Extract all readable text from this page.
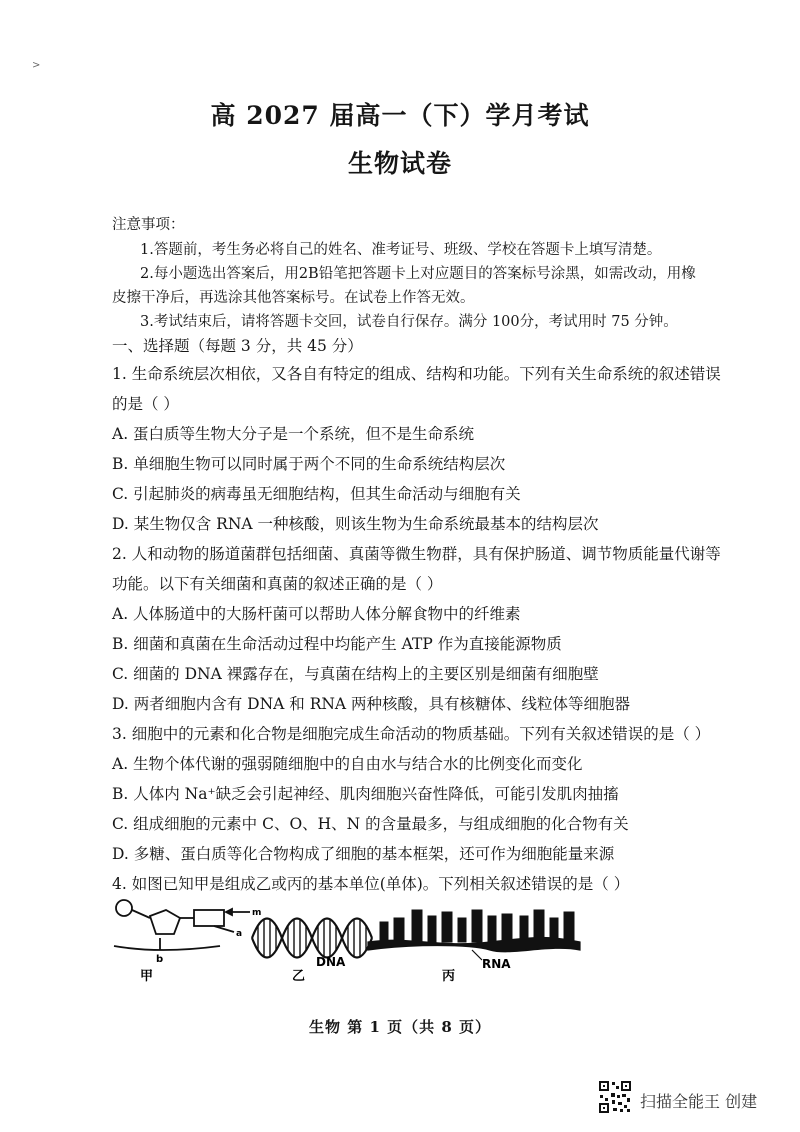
>
高 2027 届高一（下）学月考试
生物试卷
注意事项：
1.答题前，考生务必将自己的姓名、准考证号、班级、学校在答题卡上填写清楚。
2.每小题选出答案后，用2B铅笔把答题卡上对应题目的答案标号涂黑，如需改动，用橡
皮擦干净后，再选涂其他答案标号。在试卷上作答无效。
3.考试结束后，请将答题卡交回，试卷自行保存。满分 100分，考试用时 75 分钟。
一、选择题（每题 3 分，共 45 分）
1. 生命系统层次相依，又各自有特定的组成、结构和功能。下列有关生命系统的叙述错误
的是（ ）
A. 蛋白质等生物大分子是一个系统，但不是生命系统
B. 单细胞生物可以同时属于两个不同的生命系统结构层次
C. 引起肺炎的病毒虽无细胞结构，但其生命活动与细胞有关
D. 某生物仅含 RNA 一种核酸，则该生物为生命系统最基本的结构层次
2. 人和动物的肠道菌群包括细菌、真菌等微生物群，具有保护肠道、调节物质能量代谢等
功能。以下有关细菌和真菌的叙述正确的是（ ）
A. 人体肠道中的大肠杆菌可以帮助人体分解食物中的纤维素
B. 细菌和真菌在生命活动过程中均能产生 ATP 作为直接能源物质
C. 细菌的 DNA 裸露存在，与真菌在结构上的主要区别是细菌有细胞壁
D. 两者细胞内含有 DNA 和 RNA 两种核酸，具有核糖体、线粒体等细胞器
3. 细胞中的元素和化合物是细胞完成生命活动的物质基础。下列有关叙述错误的是（ ）
A. 生物个体代谢的强弱随细胞中的自由水与结合水的比例变化而变化
B. 人体内 Na⁺缺乏会引起神经、肌肉细胞兴奋性降低，可能引发肌肉抽搐
C. 组成细胞的元素中 C、O、H、N 的含量最多，与组成细胞的化合物有关
D. 多糖、蛋白质等化合物构成了细胞的基本框架，还可作为细胞能量来源
4. 如图已知甲是组成乙或丙的基本单位(单体)。下列相关叙述错误的是（ ）
m
a
b
甲	乙
DNA	RNA
丙
生物 第 1 页（共 8 页）
扫描全能王 创建
